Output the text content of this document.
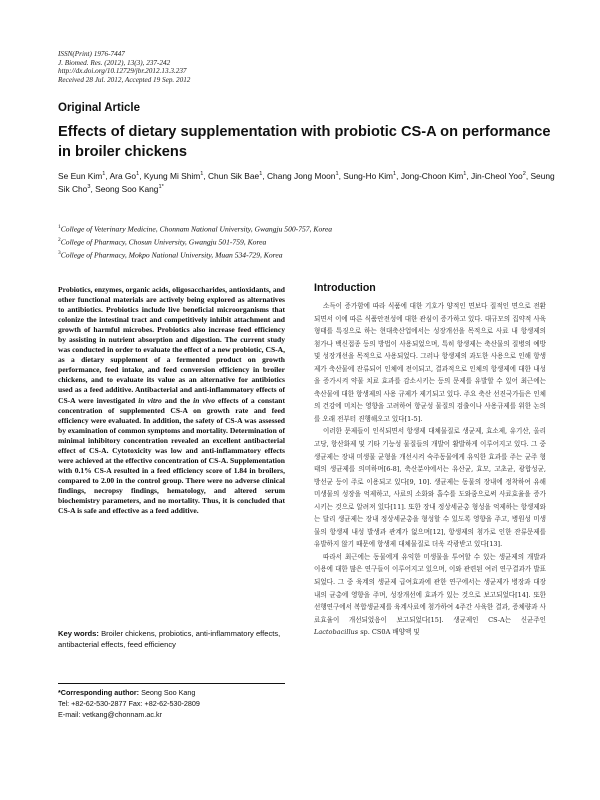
ISSN(Print) 1976-7447
J. Biomed. Res. (2012), 13(3), 237-242
http://dx.doi.org/10.12729/jbr.2012.13.3.237
Received 28 Jul. 2012, Accepted 19 Sep. 2012
Original Article
Effects of dietary supplementation with probiotic CS-A on performance in broiler chickens
Se Eun Kim$^1$, Ara Go$^1$, Kyung Mi Shim$^1$, Chun Sik Bae$^1$, Chang Jong Moon$^1$, Sung-Ho Kim$^1$, Jong-Choon Kim$^1$, Jin-Cheol Yoo$^2$, Seung Sik Cho$^3$, Seong Soo Kang$^{1*}$
$^1$College of Veterinary Medicine, Chonnam National University, Gwangju 500-757, Korea
$^2$College of Pharmacy, Chosun University, Gwangju 501-759, Korea
$^3$College of Pharmacy, Mokpo National University, Muan 534-729, Korea
Probiotics, enzymes, organic acids, oligosaccharides, antioxidants, and other functional materials are actively being explored as alternatives to antibiotics. Probiotics include live beneficial microorganisms that colonize the intestinal tract and competitively inhibit attachment and growth of harmful microbes. Probiotics also increase feed efficiency by assisting in nutrient absorption and digestion. The current study was conducted in order to evaluate the effect of a new probiotic, CS-A, as a dietary supplement of a fermented product on growth performance, feed intake, and feed conversion efficiency in broiler chickens, and to evaluate its value as an alternative for antibiotics used as a feed additive. Antibacterial and anti-inflammatory effects of CS-A were investigated in vitro and the in vivo effects of a constant concentration of supplemented CS-A on growth rate and feed efficiency were evaluated. In addition, the safety of CS-A was assessed by examination of common symptoms and mortality. Determination of minimal inhibitory concentration revealed an excellent antibacterial effect of CS-A. Cytotoxicity was low and anti-inflammatory effects were achieved at the effective concentration of CS-A. Supplementation with 0.1% CS-A resulted in a feed efficiency score of 1.84 in broilers, compared to 2.00 in the control group. There were no adverse clinical findings, necropsy findings, hematology, and altered serum biochemistry parameters, and no mortality. Thus, it is concluded that CS-A is safe and effective as a feed additive.
Key words: Broiler chickens, probiotics, anti-inflammatory effects, antibacterial effects, feed efficiency
*Corresponding author: Seong Soo Kang
Tel: +82-62-530-2877 Fax: +82-62-530-2809
E-mail: vetkang@chonnam.ac.kr
Introduction

소득이 증가함에 따라 식품에 대한 기호가 양적인 면보다 질적인 면으로 전환되면서 이에 따른 식품안전성에 대한 관심이 증가하고 있다. 대규모의 집약적 사육형태를 특징으로 하는 현대축산업에서는 성장개선을 목적으로 사료 내 항생제의 첨가나 백신접종 등의 방법이 사용되었으며, 특히 항생제는 축산물의 질병의 예방 및 성장개선을 목적으로 사용되었다. 그러나 항생제의 과도한 사용으로 인해 항생제가 축산물에 잔류되어 인체에 전이되고, 결과적으로 인체의 항생제에 대한 내성을 증가시켜 약물 치료 효과를 감소시키는 등의 문제를 유발할 수 있어 최근에는 축산물에 대한 항생제의 사용 규제가 제기되고 있다. 주요 축산 선진국가들은 인체의 건강에 미치는 영향을 고려하여 항균성 물질의 검출이나 사용규제를 위한 논의를 오래 전부터 진행해오고 있다[1-5].

이러한 문제들이 인식되면서 항생제 대체물질로 생균제, 효소제, 유기산, 올리고당, 항산화제 및 기타 기능성 물질들의 개발이 활발하게 이루어지고 있다. 그 중 생균제는 장내 미생물 균형을 개선시켜 숙주동물에게 유익한 효과를 주는 균주 형태의 생균제를 의미하며[6-8], 축산분야에서는 유산균, 효모, 고초균, 광합성균, 방선균 등이 주로 이용되고 있다[9, 10]. 생균제는 동물의 장내에 정착하여 유해 미생물의 성장을 억제하고, 사료의 소화와 흡수를 도와줌으로써 사료효율을 증가시키는 것으로 알려져 있다[11]. 또한 장내 정상세균총 형성을 억제하는 항생제와는 달리 생균제는 장내 정상세균총을 형성할 수 있도록 영향을 주고, 병원성 미생물의 항생제 내성 발생과 관계가 없으며[12], 항생제의 첨가로 인한 잔류문제를 유발하지 않기 때문에 항생제 대체물질로 더욱 각광받고 있다[13].

따라서 최근에는 동물에게 유익한 미생물을 투여할 수 있는 생균제의 개발과 이용에 대한 많은 연구들이 이루어지고 있으며, 이와 관련된 여러 연구결과가 발표되었다. 그 중 육계의 생균제 급여효과에 관한 연구에서는 생균제가 병장과 대장 내의 균총에 영향을 주며, 성장개선에 효과가 있는 것으로 보고되었다[14]. 또한 선행연구에서 복합생균제를 육계사료에 첨가하여 4주간 사육한 결과, 증체량과 사료효율이 개선되었음이 보고되었다[15]. 생균제인 CS-A는 신균주인 Lactobacillus sp. CS0A 배양액 및
